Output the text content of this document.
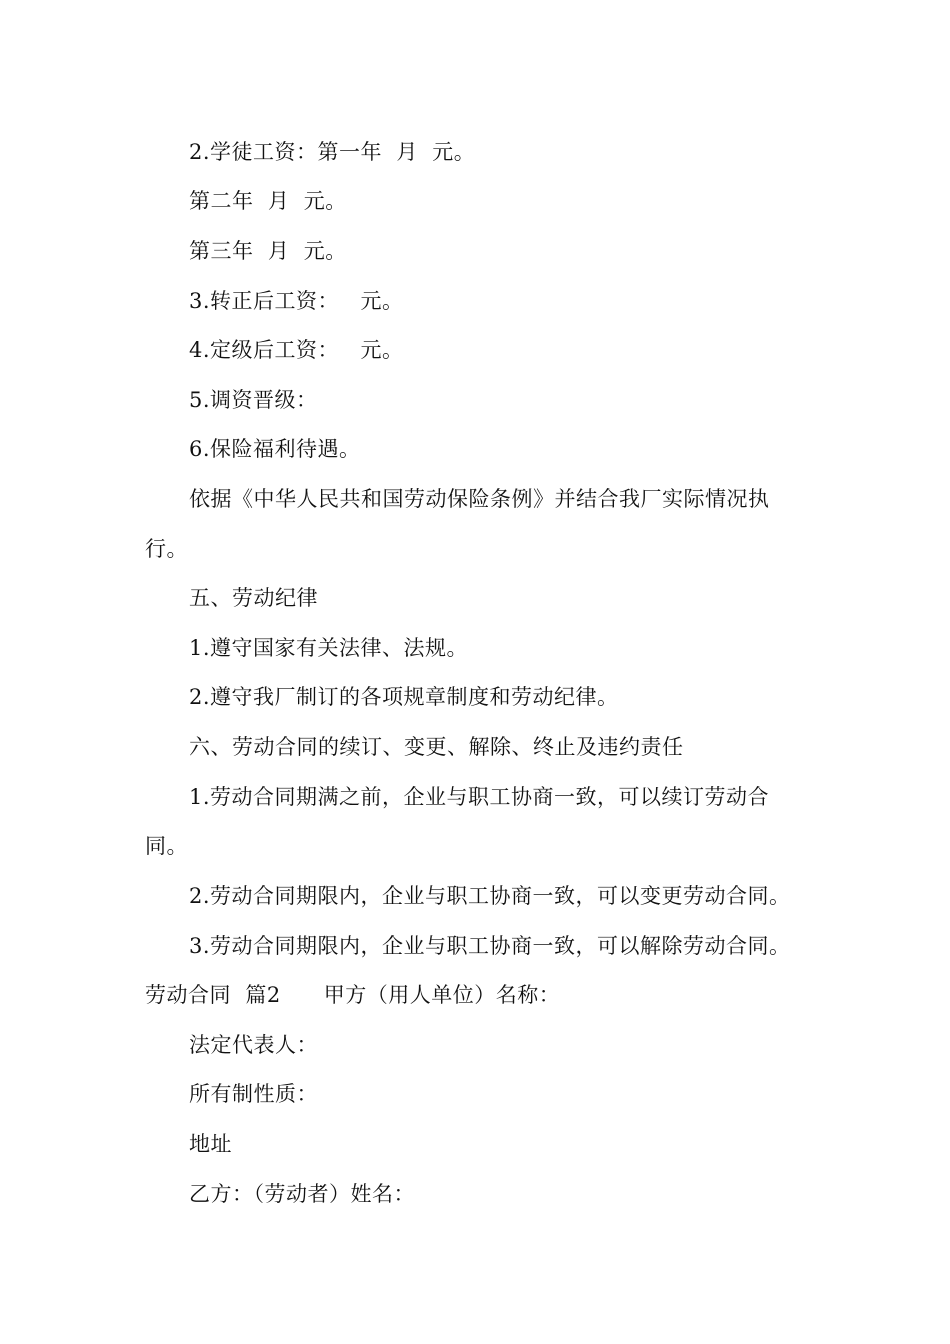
2.学徒工资：第一年  月  元。
第二年  月  元。
第三年  月  元。
3.转正后工资：   元。
4.定级后工资：   元。
5.调资晋级：
6.保险福利待遇。
依据《中华人民共和国劳动保险条例》并结合我厂实际情况执
行。
五、劳动纪律
1.遵守国家有关法律、法规。
2.遵守我厂制订的各项规章制度和劳动纪律。
六、劳动合同的续订、变更、解除、终止及违约责任
1.劳动合同期满之前，企业与职工协商一致，可以续订劳动合
同。
2.劳动合同期限内，企业与职工协商一致，可以变更劳动合同。
3.劳动合同期限内，企业与职工协商一致，可以解除劳动合同。
劳动合同  篇2      甲方（用人单位）名称：
法定代表人：
所有制性质：
地址
乙方：（劳动者）姓名：
